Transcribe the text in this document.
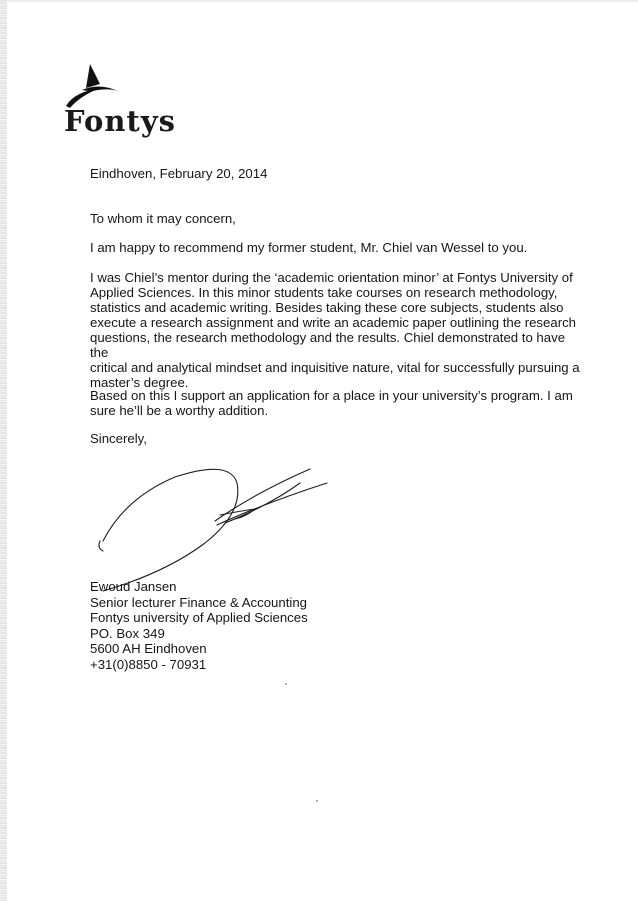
Fontys

Eindhoven, February 20, 2014

To whom it may concern,

I am happy to recommend my former student, Mr. Chiel van Wessel to you.

I was Chiel’s mentor during the ‘academic orientation minor’ at Fontys University of
Applied Sciences. In this minor students take courses on research methodology,
statistics and academic writing. Besides taking these core subjects, students also
execute a research assignment and write an academic paper outlining the research
questions, the research methodology and the results. Chiel demonstrated to have the
critical and analytical mindset and inquisitive nature, vital for successfully pursuing a
master’s degree.
Based on this I support an application for a place in your university’s program. I am
sure he’ll be a worthy addition.

Sincerely,

Ewoud Jansen
Senior lecturer Finance & Accounting
Fontys university of Applied Sciences
PO. Box 349
5600 AH Eindhoven
+31(0)8850 - 70931
